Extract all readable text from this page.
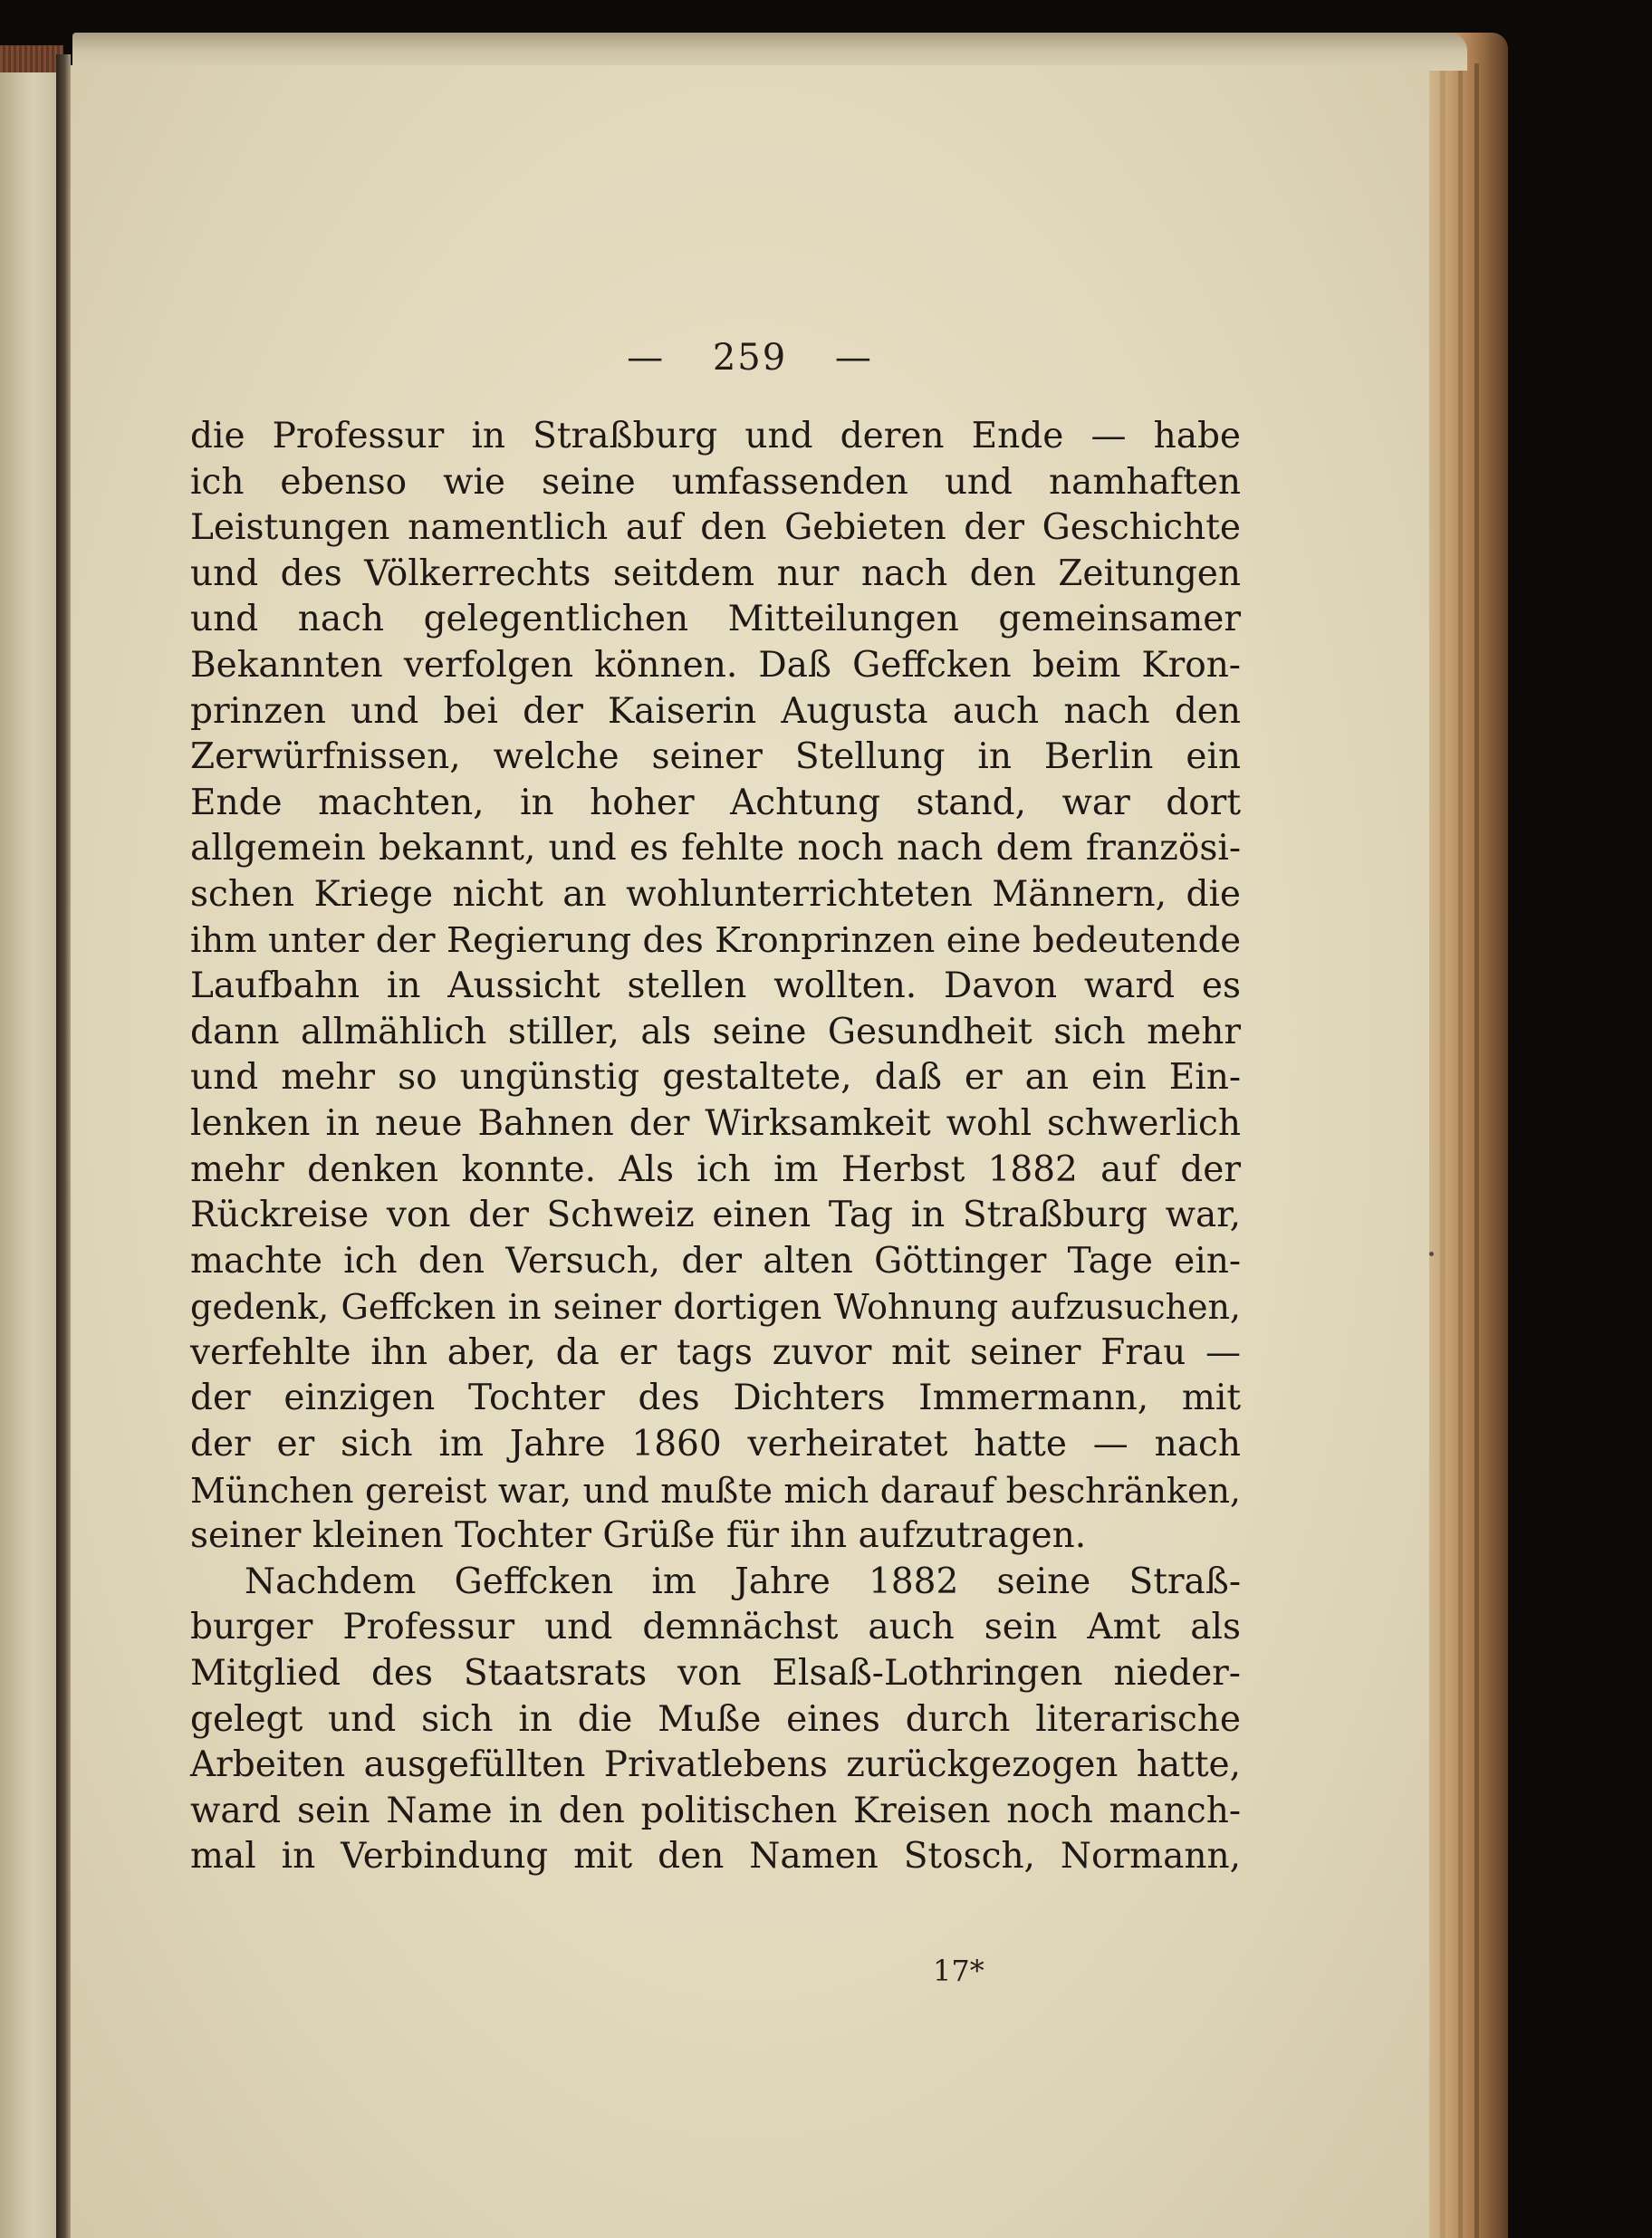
— 259 —
die Professur in Straßburg und deren Ende — habe
ich ebenso wie seine umfassenden und namhaften
Leistungen namentlich auf den Gebieten der Geschichte
und des Völkerrechts seitdem nur nach den Zeitungen
und nach gelegentlichen Mitteilungen gemeinsamer
Bekannten verfolgen können. Daß Geffcken beim Kron-
prinzen und bei der Kaiserin Augusta auch nach den
Zerwürfnissen, welche seiner Stellung in Berlin ein
Ende machten, in hoher Achtung stand, war dort
allgemein bekannt, und es fehlte noch nach dem französi-
schen Kriege nicht an wohlunterrichteten Männern, die
ihm unter der Regierung des Kronprinzen eine bedeutende
Laufbahn in Aussicht stellen wollten. Davon ward es
dann allmählich stiller, als seine Gesundheit sich mehr
und mehr so ungünstig gestaltete, daß er an ein Ein-
lenken in neue Bahnen der Wirksamkeit wohl schwerlich
mehr denken konnte. Als ich im Herbst 1882 auf der
Rückreise von der Schweiz einen Tag in Straßburg war,
machte ich den Versuch, der alten Göttinger Tage ein-
gedenk, Geffcken in seiner dortigen Wohnung aufzusuchen,
verfehlte ihn aber, da er tags zuvor mit seiner Frau —
der einzigen Tochter des Dichters Immermann, mit
der er sich im Jahre 1860 verheiratet hatte — nach
München gereist war, und mußte mich darauf beschränken,
seiner kleinen Tochter Grüße für ihn aufzutragen.
Nachdem Geffcken im Jahre 1882 seine Straß-
burger Professur und demnächst auch sein Amt als
Mitglied des Staatsrats von Elsaß-Lothringen nieder-
gelegt und sich in die Muße eines durch literarische
Arbeiten ausgefüllten Privatlebens zurückgezogen hatte,
ward sein Name in den politischen Kreisen noch manch-
mal in Verbindung mit den Namen Stosch, Normann,
17*
